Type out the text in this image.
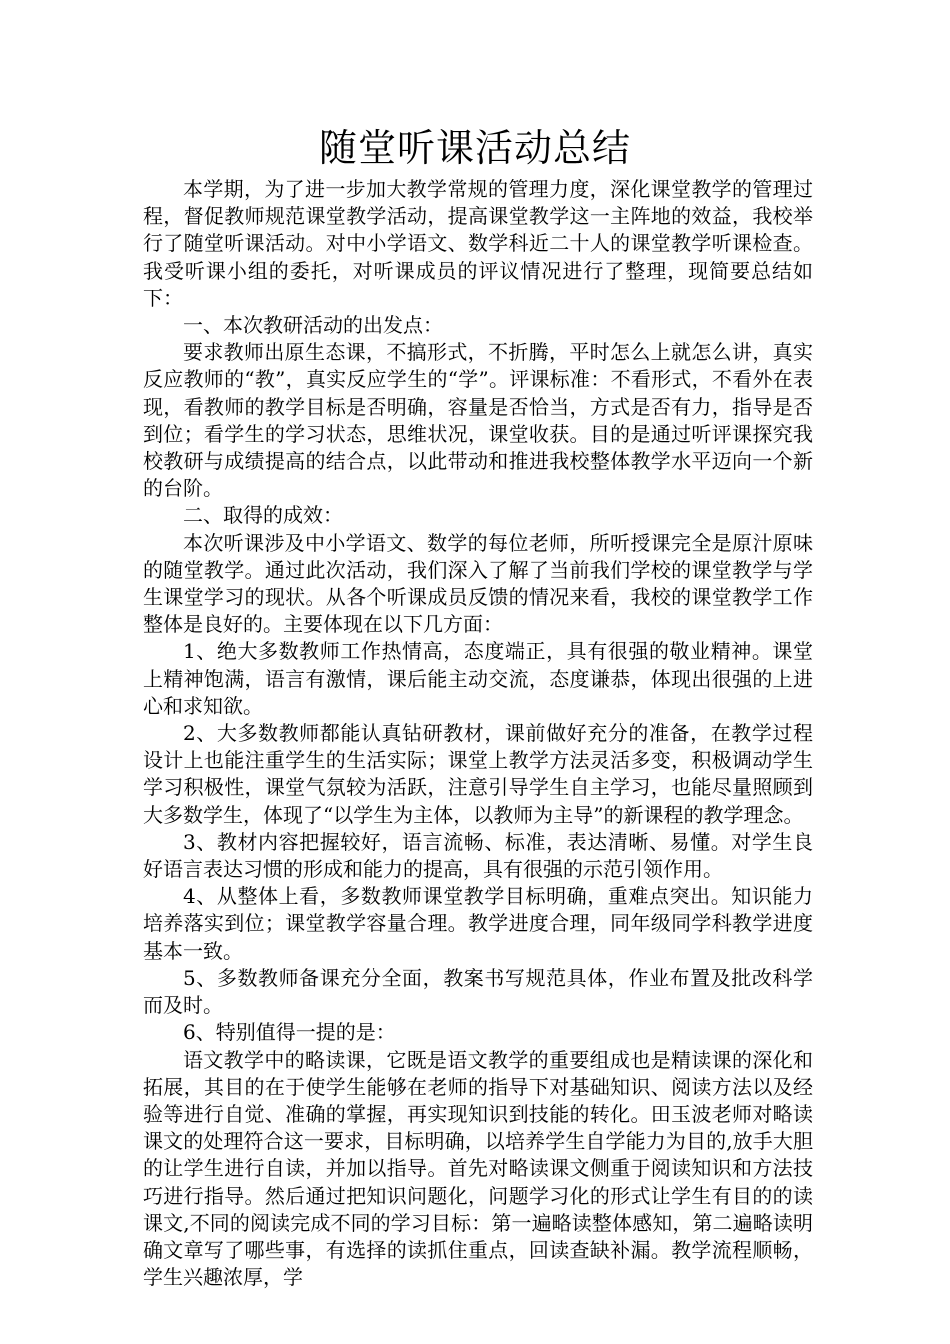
随堂听课活动总结

本学期，为了进一步加大教学常规的管理力度，深化课堂教学的管理过程，督促教师规范课堂教学活动，提高课堂教学这一主阵地的效益，我校举行了随堂听课活动。对中小学语文、数学科近二十人的课堂教学听课检查。我受听课小组的委托，对听课成员的评议情况进行了整理，现简要总结如下：

一、本次教研活动的出发点：

要求教师出原生态课，不搞形式，不折腾，平时怎么上就怎么讲，真实反应教师的“教”，真实反应学生的“学”。评课标准：不看形式，不看外在表现，看教师的教学目标是否明确，容量是否恰当，方式是否有力，指导是否到位；看学生的学习状态，思维状况，课堂收获。目的是通过听评课探究我校教研与成绩提高的结合点，以此带动和推进我校整体教学水平迈向一个新的台阶。

二、取得的成效：

本次听课涉及中小学语文、数学的每位老师，所听授课完全是原汁原味的随堂教学。通过此次活动，我们深入了解了当前我们学校的课堂教学与学生课堂学习的现状。从各个听课成员反馈的情况来看，我校的课堂教学工作整体是良好的。主要体现在以下几方面：

1、绝大多数教师工作热情高，态度端正，具有很强的敬业精神。课堂上精神饱满，语言有激情，课后能主动交流，态度谦恭，体现出很强的上进心和求知欲。

2、大多数教师都能认真钻研教材，课前做好充分的准备，在教学过程设计上也能注重学生的生活实际；课堂上教学方法灵活多变，积极调动学生学习积极性，课堂气氛较为活跃，注意引导学生自主学习，也能尽量照顾到大多数学生，体现了“以学生为主体，以教师为主导”的新课程的教学理念。

3、教材内容把握较好，语言流畅、标准，表达清晰、易懂。对学生良好语言表达习惯的形成和能力的提高，具有很强的示范引领作用。

4、从整体上看，多数教师课堂教学目标明确，重难点突出。知识能力培养落实到位；课堂教学容量合理。教学进度合理，同年级同学科教学进度基本一致。

5、多数教师备课充分全面，教案书写规范具体，作业布置及批改科学而及时。

6、特别值得一提的是：

语文教学中的略读课，它既是语文教学的重要组成也是精读课的深化和拓展，其目的在于使学生能够在老师的指导下对基础知识、阅读方法以及经验等进行自觉、准确的掌握，再实现知识到技能的转化。田玉波老师对略读课文的处理符合这一要求，目标明确，以培养学生自学能力为目的,放手大胆的让学生进行自读，并加以指导。首先对略读课文侧重于阅读知识和方法技巧进行指导。然后通过把知识问题化，问题学习化的形式让学生有目的的读课文,不同的阅读完成不同的学习目标：第一遍略读整体感知，第二遍略读明确文章写了哪些事，有选择的读抓住重点，回读查缺补漏。教学流程顺畅，学生兴趣浓厚，学
